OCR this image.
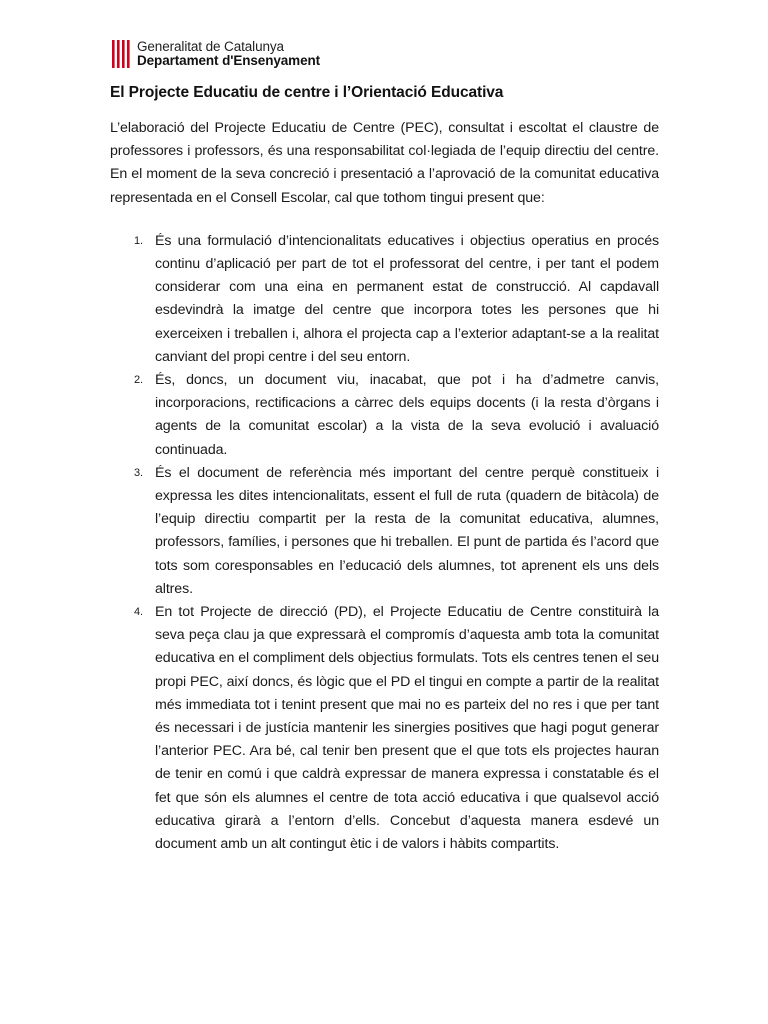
Generalitat de Catalunya
Departament d'Ensenyament
El Projecte Educatiu de centre i l’Orientació Educativa

L’elaboració del Projecte Educatiu de Centre (PEC), consultat i escoltat el claustre de professores i professors, és una responsabilitat col·legiada de l’equip directiu del centre. En el moment de la seva concreció i presentació a l’aprovació de la comunitat educativa representada en el Consell Escolar, cal que tothom tingui present que:

1. És una formulació d’intencionalitats educatives i objectius operatius en procés continu d’aplicació per part de tot el professorat del centre, i per tant el podem considerar com una eina en permanent estat de construcció. Al capdavall esdevindrà la imatge del centre que incorpora totes les persones que hi exerceixen i treballen i, alhora el projecta cap a l’exterior adaptant-se a la realitat canviant del propi centre i del seu entorn.
2. És, doncs, un document viu, inacabat, que pot i ha d’admetre canvis, incorporacions, rectificacions a càrrec dels equips docents (i la resta d’òrgans i agents de la comunitat escolar) a la vista de la seva evolució i avaluació continuada.
3. És el document de referència més important del centre perquè constitueix i expressa les dites intencionalitats, essent el full de ruta (quadern de bitàcola) de l’equip directiu compartit per la resta de la comunitat educativa, alumnes, professors, famílies, i persones que hi treballen. El punt de partida és l’acord que tots som coresponsables en l’educació dels alumnes, tot aprenent els uns dels altres.
4. En tot Projecte de direcció (PD), el Projecte Educatiu de Centre constituirà la seva peça clau ja que expressarà el compromís d’aquesta amb tota la comunitat educativa en el compliment dels objectius formulats. Tots els centres tenen el seu propi PEC, així doncs, és lògic que el PD el tingui en compte a partir de la realitat més immediata tot i tenint present que mai no es parteix del no res i que per tant és necessari i de justícia mantenir les sinergies positives que hagi pogut generar l’anterior PEC. Ara bé, cal tenir ben present que el que tots els projectes hauran de tenir en comú i que caldrà expressar de manera expressa i constatable és el fet que són els alumnes el centre de tota acció educativa i que qualsevol acció educativa girarà a l’entorn d’ells. Concebut d’aquesta manera esdevé un document amb un alt contingut ètic i de valors i hàbits compartits.
